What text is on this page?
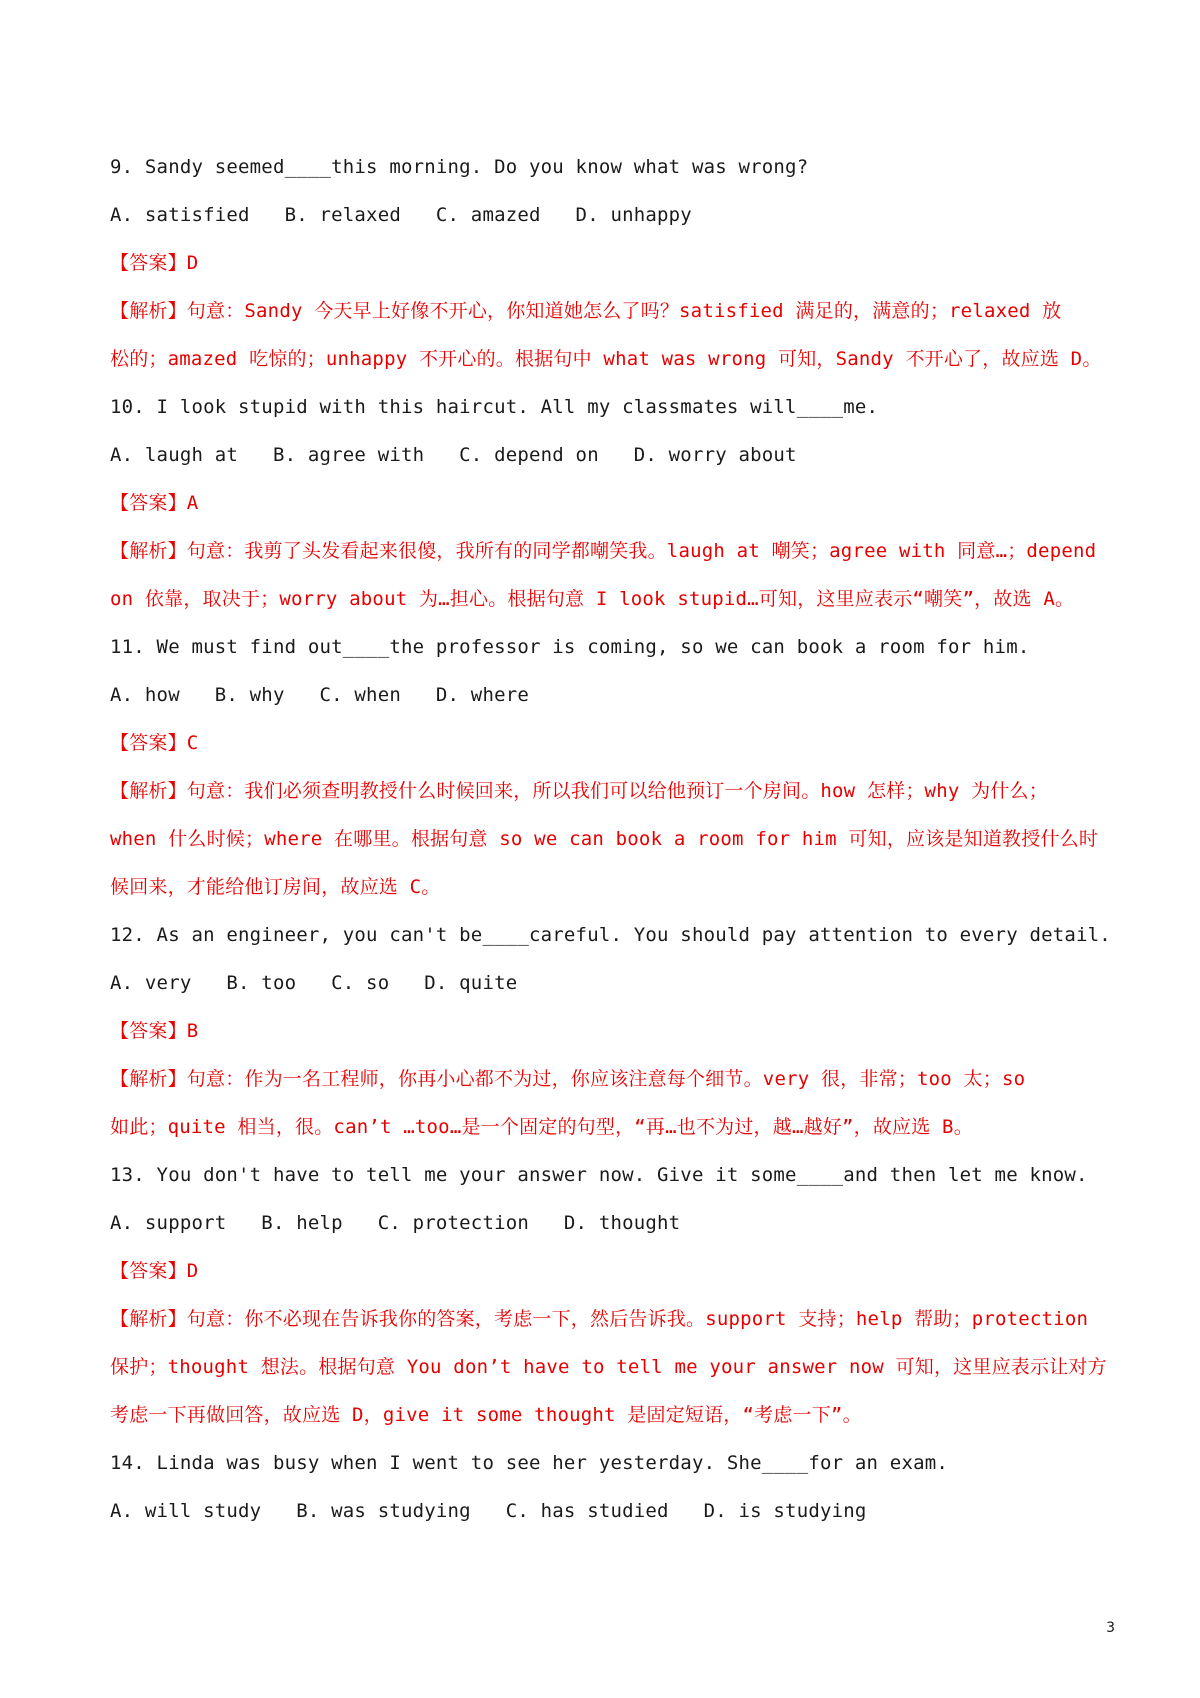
9. Sandy seemed____this morning. Do you know what was wrong?
A. satisfied   B. relaxed   C. amazed   D. unhappy
【答案】D
【解析】句意：Sandy 今天早上好像不开心，你知道她怎么了吗？satisfied 满足的，满意的；relaxed 放
松的；amazed 吃惊的；unhappy 不开心的。根据句中 what was wrong 可知，Sandy 不开心了，故应选 D。
10. I look stupid with this haircut. All my classmates will____me.
A. laugh at   B. agree with   C. depend on   D. worry about
【答案】A
【解析】句意：我剪了头发看起来很傻，我所有的同学都嘲笑我。laugh at 嘲笑；agree with 同意…；depend
on 依靠，取决于；worry about 为…担心。根据句意 I look stupid…可知，这里应表示“嘲笑”，故选 A。
11. We must find out____the professor is coming, so we can book a room for him.
A. how   B. why   C. when   D. where
【答案】C
【解析】句意：我们必须查明教授什么时候回来，所以我们可以给他预订一个房间。how 怎样；why 为什么；
when 什么时候；where 在哪里。根据句意 so we can book a room for him 可知，应该是知道教授什么时
候回来，才能给他订房间，故应选 C。
12. As an engineer, you can't be____careful. You should pay attention to every detail.
A. very   B. too   C. so   D. quite
【答案】B
【解析】句意：作为一名工程师，你再小心都不为过，你应该注意每个细节。very 很，非常；too 太；so
如此；quite 相当，很。can’t …too…是一个固定的句型，“再…也不为过，越…越好”，故应选 B。
13. You don't have to tell me your answer now. Give it some____and then let me know.
A. support   B. help   C. protection   D. thought
【答案】D
【解析】句意：你不必现在告诉我你的答案，考虑一下，然后告诉我。support 支持；help 帮助；protection
保护；thought 想法。根据句意 You don’t have to tell me your answer now 可知，这里应表示让对方
考虑一下再做回答，故应选 D，give it some thought 是固定短语，“考虑一下”。
14. Linda was busy when I went to see her yesterday. She____for an exam.
A. will study   B. was studying   C. has studied   D. is studying
3
